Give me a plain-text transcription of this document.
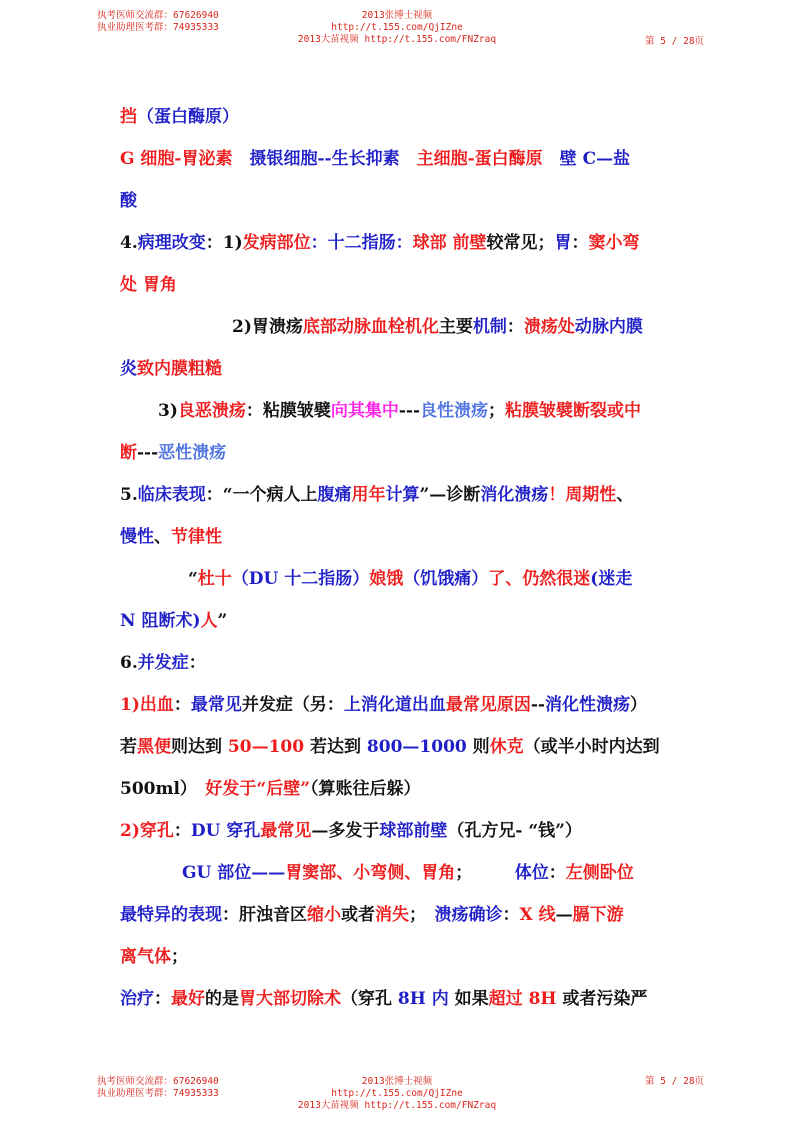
执考医师交流群：67626940
执业助理医考群：74935333
2013张博士视频http://t.155.com/QjIZne
2013大苗视频 http://t.155.com/FNZraq	第 5 / 28页
挡（蛋白酶原）
G 细胞-胃泌素　摄银细胞--生长抑素　主细胞-蛋白酶原　壁 C—盐
酸
4.病理改变：1)发病部位：十二指肠：球部 前壁较常见；胃：窦小弯
处 胃角
2)胃溃疡底部动脉血栓机化主要机制：溃疡处动脉内膜
炎致内膜粗糙
3)良恶溃疡：粘膜皱襞向其集中---良性溃疡；粘膜皱襞断裂或中
断---恶性溃疡
5.临床表现：“一个病人上腹痛用年计算”—诊断消化溃疡！周期性、
慢性、节律性
“杜十（DU 十二指肠）娘饿（饥饿痛）了、仍然很迷(迷走
N 阻断术)人”
6.并发症：
1)出血：最常见并发症（另：上消化道出血最常见原因--消化性溃疡）
若黑便则达到 50—100 若达到 800—1000 则休克（或半小时内达到
500ml）　好发于“后壁”（算账往后躲）
2)穿孔：DU 穿孔最常见—多发于球部前壁（孔方兄- “钱”）
GU 部位——胃窦部、小弯侧、胃角；　　　体位：左侧卧位
最特异的表现：肝浊音区缩小或者消失；　溃疡确诊：X 线—膈下游
离气体；
治疗：最好的是胃大部切除术（穿孔 8H 内 如果超过 8H 或者污染严
执考医师交流群：67626940
执业助理医考群：74935333
2013张博士视频http://t.155.com/QjIZne
2013大苗视频 http://t.155.com/FNZraq
第 5 / 28页
